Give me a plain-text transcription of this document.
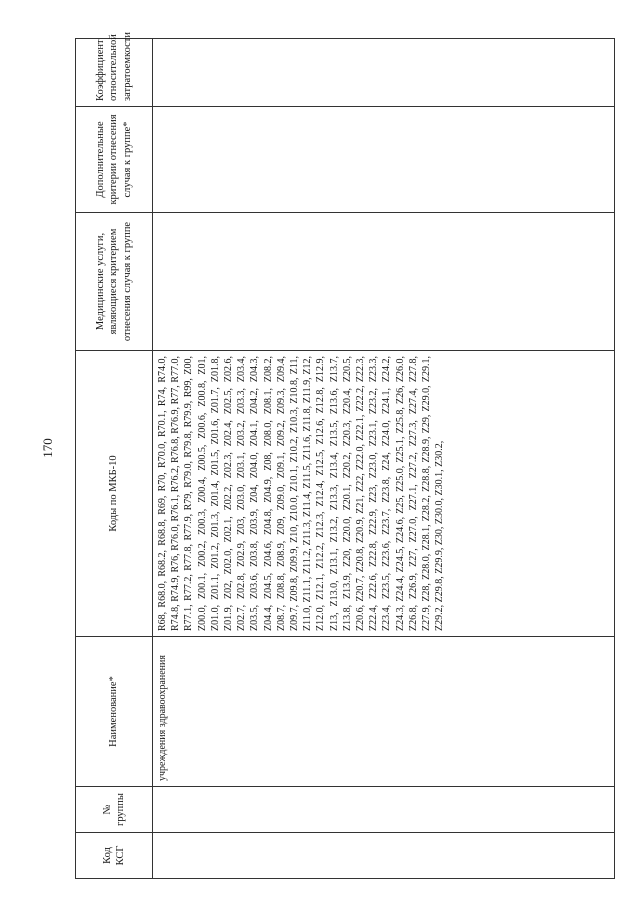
170
Код КСГ	№ группы	Наименование*	Коды по МКБ-10	Медицинские услуги, являющиеся критерием отнесения случая к группе	Дополнительные критерии отнесения случая к группе*	Коэффициент относительной затратоемкости
		учреждения здравоохранения	R68, R68.0, R68.2, R68.8, R69, R70, R70.0, R70.1, R74, R74.0, R74.8, R74.9, R76, R76.0, R76.1, R76.2, R76.8, R76.9, R77, R77.0, R77.1, R77.2, R77.8, R77.9, R79, R79.0, R79.8, R79.9, R99, Z00, Z00.0, Z00.1, Z00.2, Z00.3, Z00.4, Z00.5, Z00.6, Z00.8, Z01, Z01.0, Z01.1, Z01.2, Z01.3, Z01.4, Z01.5, Z01.6, Z01.7, Z01.8, Z01.9, Z02, Z02.0, Z02.1, Z02.2, Z02.3, Z02.4, Z02.5, Z02.6, Z02.7, Z02.8, Z02.9, Z03, Z03.0, Z03.1, Z03.2, Z03.3, Z03.4, Z03.5, Z03.6, Z03.8, Z03.9, Z04, Z04.0, Z04.1, Z04.2, Z04.3, Z04.4, Z04.5, Z04.6, Z04.8, Z04.9, Z08, Z08.0, Z08.1, Z08.2, Z08.7, Z08.8, Z08.9, Z09, Z09.0, Z09.1, Z09.2, Z09.3, Z09.4, Z09.7, Z09.8, Z09.9, Z10, Z10.0, Z10.1, Z10.2, Z10.3, Z10.8, Z11, Z11.0, Z11.1, Z11.2, Z11.3, Z11.4, Z11.5, Z11.6, Z11.8, Z11.9, Z12, Z12.0, Z12.1, Z12.2, Z12.3, Z12.4, Z12.5, Z12.6, Z12.8, Z12.9, Z13, Z13.0, Z13.1, Z13.2, Z13.3, Z13.4, Z13.5, Z13.6, Z13.7, Z13.8, Z13.9, Z20, Z20.0, Z20.1, Z20.2, Z20.3, Z20.4, Z20.5, Z20.6, Z20.7, Z20.8, Z20.9, Z21, Z22, Z22.0, Z22.1, Z22.2, Z22.3, Z22.4, Z22.6, Z22.8, Z22.9, Z23, Z23.0, Z23.1, Z23.2, Z23.3, Z23.4, Z23.5, Z23.6, Z23.7, Z23.8, Z24, Z24.0, Z24.1, Z24.2, Z24.3, Z24.4, Z24.5, Z24.6, Z25, Z25.0, Z25.1, Z25.8, Z26, Z26.0, Z26.8, Z26.9, Z27, Z27.0, Z27.1, Z27.2, Z27.3, Z27.4, Z27.8, Z27.9, Z28, Z28.0, Z28.1, Z28.2, Z28.8, Z28.9, Z29, Z29.0, Z29.1, Z29.2, Z29.8, Z29.9, Z30, Z30.0, Z30.1, Z30.2,			
